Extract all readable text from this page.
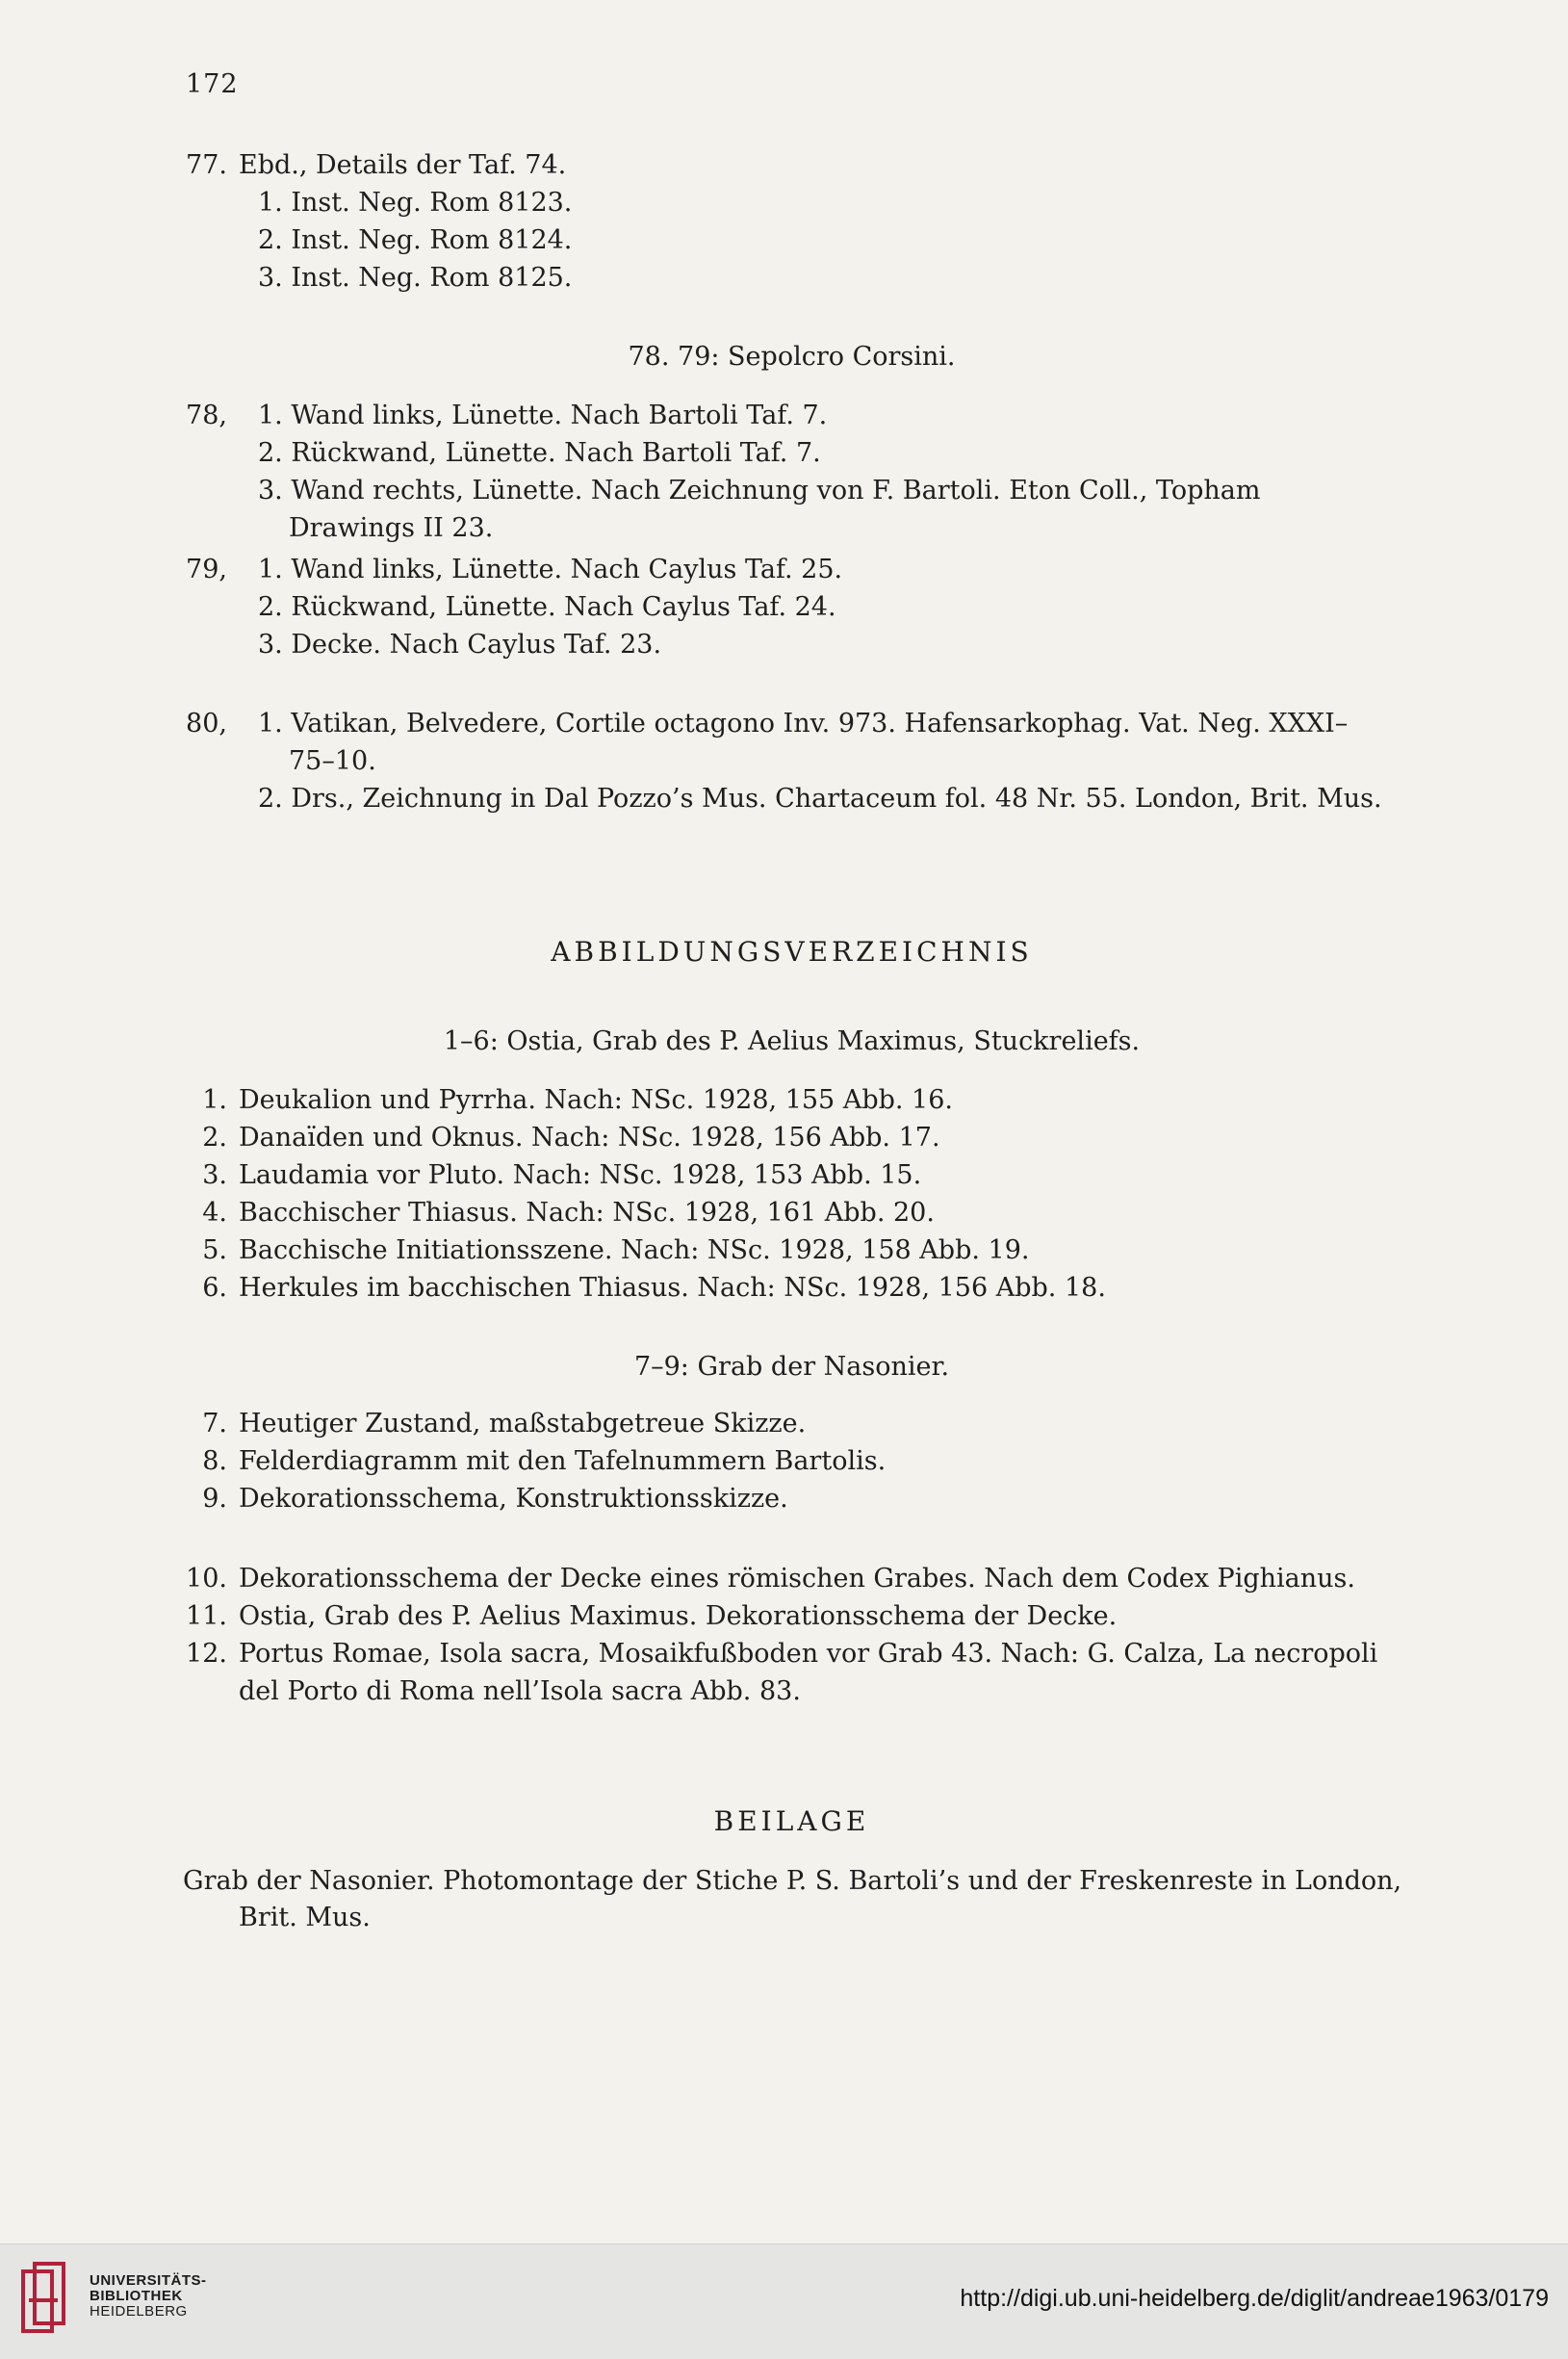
172
77. Ebd., Details der Taf. 74.
1. Inst. Neg. Rom 8123.
2. Inst. Neg. Rom 8124.
3. Inst. Neg. Rom 8125.
78. 79: Sepolcro Corsini.
78, 1. Wand links, Lünette. Nach Bartoli Taf. 7.
2. Rückwand, Lünette. Nach Bartoli Taf. 7.
3. Wand rechts, Lünette. Nach Zeichnung von F. Bartoli. Eton Coll., Topham
Drawings II 23.
79, 1. Wand links, Lünette. Nach Caylus Taf. 25.
2. Rückwand, Lünette. Nach Caylus Taf. 24.
3. Decke. Nach Caylus Taf. 23.
80, 1. Vatikan, Belvedere, Cortile octagono Inv. 973. Hafensarkophag. Vat. Neg. XXXI–
75–10.
2. Drs., Zeichnung in Dal Pozzo’s Mus. Chartaceum fol. 48 Nr. 55. London, Brit. Mus.
ABBILDUNGSVERZEICHNIS
1–6: Ostia, Grab des P. Aelius Maximus, Stuckreliefs.
1. Deukalion und Pyrrha. Nach: NSc. 1928, 155 Abb. 16.
2. Danaïden und Oknus. Nach: NSc. 1928, 156 Abb. 17.
3. Laudamia vor Pluto. Nach: NSc. 1928, 153 Abb. 15.
4. Bacchischer Thiasus. Nach: NSc. 1928, 161 Abb. 20.
5. Bacchische Initiationsszene. Nach: NSc. 1928, 158 Abb. 19.
6. Herkules im bacchischen Thiasus. Nach: NSc. 1928, 156 Abb. 18.
7–9: Grab der Nasonier.
7. Heutiger Zustand, maßstabgetreue Skizze.
8. Felderdiagramm mit den Tafelnummern Bartolis.
9. Dekorationsschema, Konstruktionsskizze.
10. Dekorationsschema der Decke eines römischen Grabes. Nach dem Codex Pighianus.
11. Ostia, Grab des P. Aelius Maximus. Dekorationsschema der Decke.
12. Portus Romae, Isola sacra, Mosaikfußboden vor Grab 43. Nach: G. Calza, La necropoli
del Porto di Roma nell’Isola sacra Abb. 83.
BEILAGE
Grab der Nasonier. Photomontage der Stiche P. S. Bartoli’s und der Freskenreste in London,
Brit. Mus.
UNIVERSITÄTS-
BIBLIOTHEK
HEIDELBERG	http://digi.ub.uni-heidelberg.de/diglit/andreae1963/0179
